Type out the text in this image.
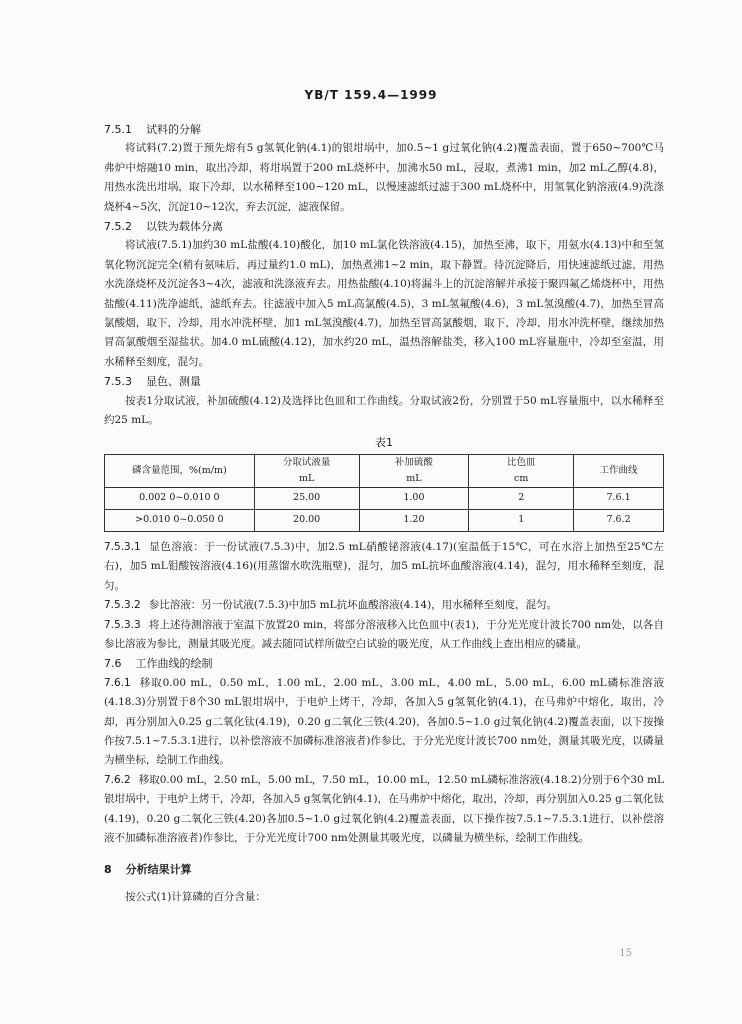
YB/T 159.4—1999
7.5.1 试料的分解

将试料(7.2)置于预先熔有5 g氢氧化钠(4.1)的银坩埚中，加0.5~1 g过氧化钠(4.2)覆盖表面，置于650~700℃马弗炉中熔融10 min，取出冷却，将坩埚置于200 mL烧杯中，加沸水50 mL，浸取，煮沸1 min，加2 mL乙醇(4.8)，用热水洗出坩埚，取下冷却，以水稀释至100~120 mL，以慢速滤纸过滤于300 mL烧杯中，用氢氧化钠溶液(4.9)洗涤烧杯4~5次，沉淀10~12次，弃去沉淀，滤液保留。

7.5.2 以铁为载体分离

将试液(7.5.1)加约30 mL盐酸(4.10)酸化，加10 mL氯化铁溶液(4.15)，加热至沸，取下，用氨水(4.13)中和至氢氧化物沉淀完全(稍有氨味后，再过量约1.0 mL)，加热煮沸1~2 min，取下静置。待沉淀降后，用快速滤纸过滤，用热水洗涤烧杯及沉淀各3~4次，滤液和洗涤液弃去。用热盐酸(4.10)将漏斗上的沉淀溶解并承接于聚四氟乙烯烧杯中，用热盐酸(4.11)洗净滤纸，滤纸弃去。往滤液中加入5 mL高氯酸(4.5)，3 mL氢氟酸(4.6)，3 mL氢溴酸(4.7)，加热至冒高氯酸烟，取下，冷却，用水冲洗杯壁，加1 mL氢溴酸(4.7)，加热至冒高氯酸烟，取下，冷却，用水冲洗杯壁，继续加热冒高氯酸烟至湿盐状。加4.0 mL硫酸(4.12)，加水约20 mL，温热溶解盐类，移入100 mL容量瓶中，冷却至室温，用水稀释至刻度，混匀。

7.5.3 显色、测量

按表1分取试液，补加硫酸(4.12)及选择比色皿和工作曲线。分取试液2份，分别置于50 mL容量瓶中，以水稀释至约25 mL。

表1
磷含量范围，%(m/m)	分取试液量	补加硫酸	比色皿	工作曲线
	mL	mL	cm	
0.002 0~0.010 0	25.00	1.00	2	7.6.1
>0.010 0~0.050 0	20.00	1.20	1	7.6.2

7.5.3.1 显色溶液：于一份试液(7.5.3)中，加2.5 mL硝酸铋溶液(4.17)(室温低于15℃，可在水浴上加热至25℃左右)，加5 mL钼酸铵溶液(4.16)(用蒸馏水吹洗瓶壁)，混匀，加5 mL抗坏血酸溶液(4.14)，混匀，用水稀释至刻度，混匀。

7.5.3.2 参比溶液：另一份试液(7.5.3)中加5 mL抗坏血酸溶液(4.14)，用水稀释至刻度，混匀。

7.5.3.3 将上述待测溶液于室温下放置20 min，将部分溶液移入比色皿中(表1)，于分光光度计波长700 nm处，以各自参比溶液为参比，测量其吸光度。减去随同试样所做空白试验的吸光度，从工作曲线上查出相应的磷量。

7.6 工作曲线的绘制

7.6.1 移取0.00 mL，0.50 mL，1.00 mL，2.00 mL，3.00 mL，4.00 mL，5.00 mL，6.00 mL磷标准溶液(4.18.3)分别置于8个30 mL银坩埚中，于电炉上烤干，冷却，各加入5 g氢氧化钠(4.1)，在马弗炉中熔化，取出，冷却，再分别加入0.25 g二氧化钛(4.19)，0.20 g二氧化三铁(4.20)，各加0.5~1.0 g过氧化钠(4.2)覆盖表面，以下按操作按7.5.1~7.5.3.1进行，以补偿溶液不加磷标准溶液者)作参比，于分光光度计波长700 nm处，测量其吸光度，以磷量为横坐标，绘制工作曲线。

7.6.2 移取0.00 mL，2.50 mL，5.00 mL，7.50 mL，10.00 mL，12.50 mL磷标准溶液(4.18.2)分别于6个30 mL银坩埚中，于电炉上烤干，冷却，各加入5 g氢氧化钠(4.1)，在马弗炉中熔化，取出，冷却，再分别加入0.25 g二氧化钛(4.19)，0.20 g二氧化三铁(4.20)各加0.5~1.0 g过氧化钠(4.2)覆盖表面，以下操作按7.5.1~7.5.3.1进行，以补偿溶液不加磷标准溶液者)作参比，于分光光度计700 nm处测量其吸光度，以磷量为横坐标，绘制工作曲线。

8 分析结果计算

按公式(1)计算磷的百分含量：

15
